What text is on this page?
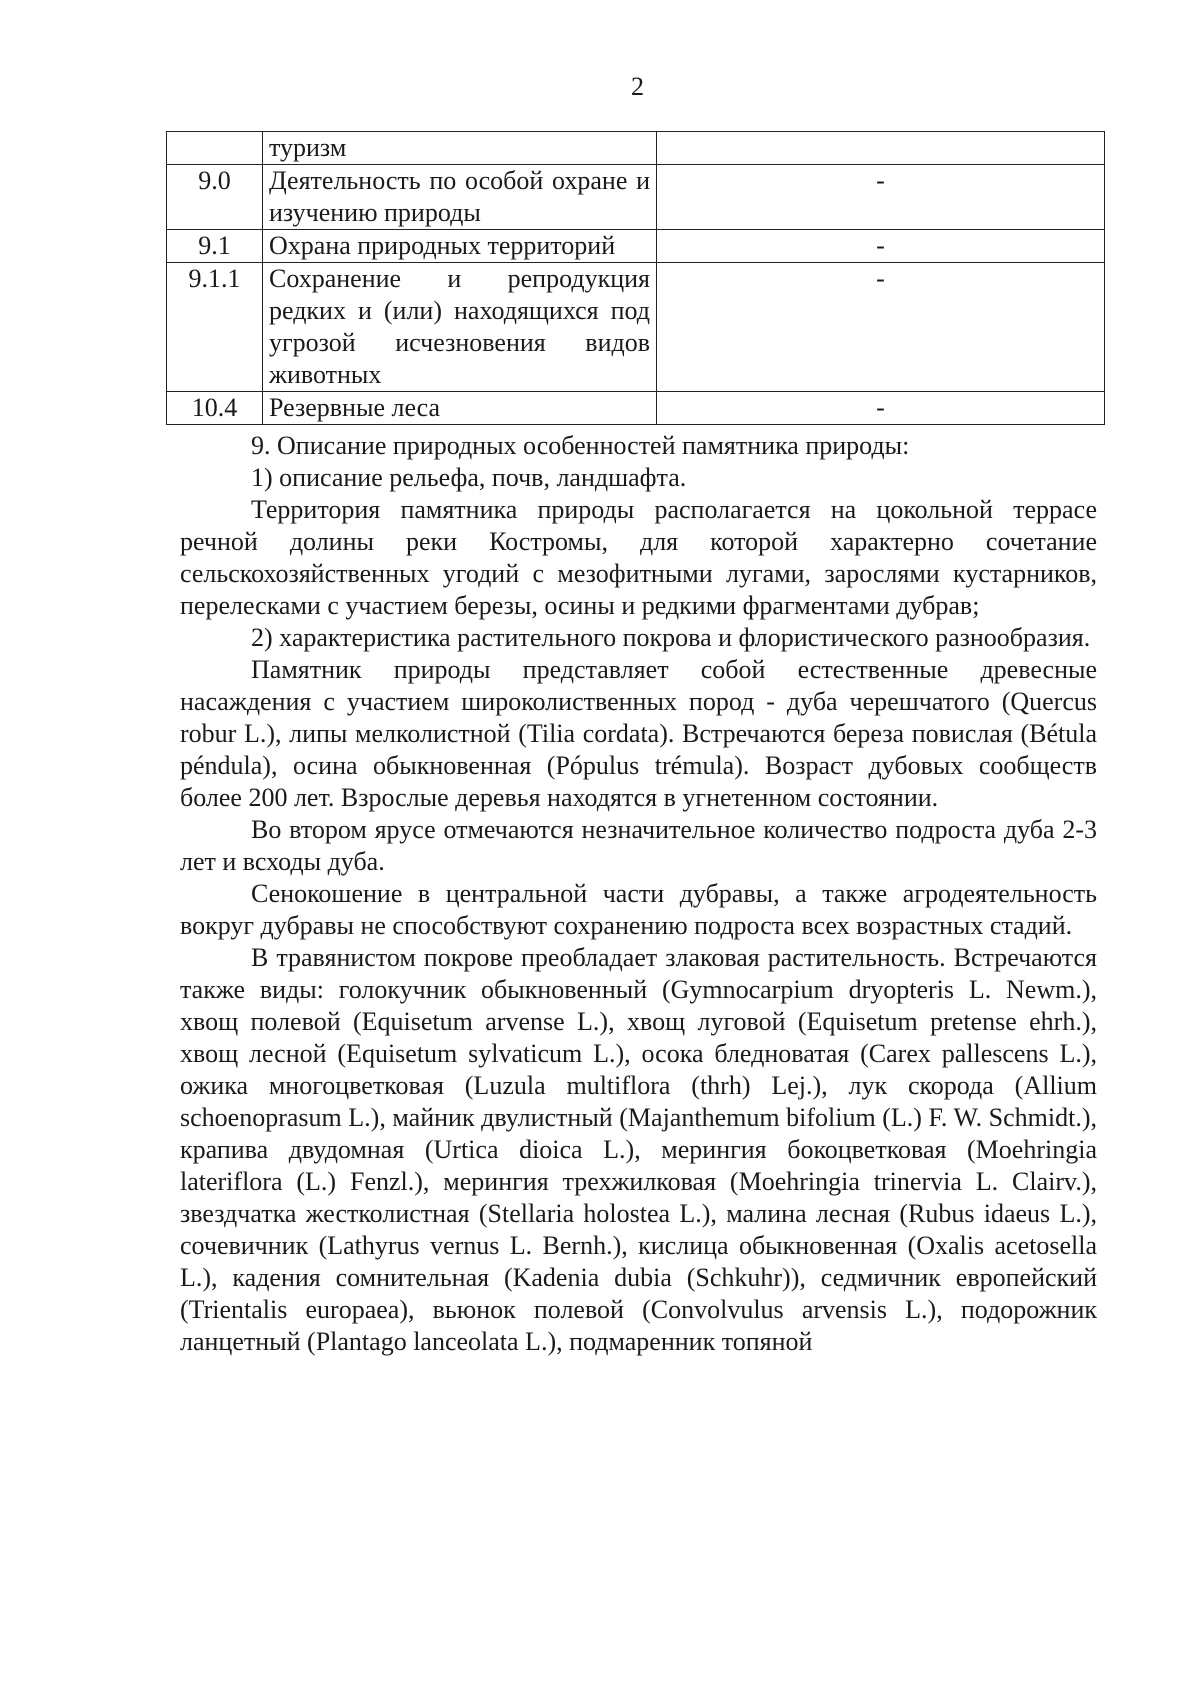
2
	туризм	
9.0	Деятельность по особой охране и изучению природы	-
9.1	Охрана природных территорий	-
9.1.1	Сохранение и репродукция редких и (или) находящихся под угрозой исчезновения видов животных	-
10.4	Резервные леса	-

9. Описание природных особенностей памятника природы:

1) описание рельефа, почв, ландшафта.

Территория памятника природы располагается на цокольной террасе речной долины реки Костромы, для которой характерно сочетание сельскохозяйственных угодий с мезофитными лугами, зарослями кустарников, перелесками с участием березы, осины и редкими фрагментами дубрав;

2) характеристика растительного покрова и флористического разнообразия.

Памятник природы представляет собой естественные древесные насаждения с участием широколиственных пород - дуба черешчатого (Quercus robur L.), липы мелколистной (Tilia cordata). Встречаются береза повислая (Bétula péndula), осина обыкновенная (Pópulus trémula). Возраст дубовых сообществ более 200 лет. Взрослые деревья находятся в угнетенном состоянии.

Во втором ярусе отмечаются незначительное количество подроста дуба 2-3 лет и всходы дуба.

Сенокошение в центральной части дубравы, а также агродеятельность вокруг дубравы не способствуют сохранению подроста всех возрастных стадий.

В травянистом покрове преобладает злаковая растительность. Встречаются также виды: голокучник обыкновенный (Gymnocarpium dryopteris L. Newm.), хвощ полевой (Equisetum arvense L.), хвощ луговой (Equisetum pretense ehrh.), хвощ лесной (Equisetum sylvaticum L.), осока бледноватая (Carex pallescens L.), ожика многоцветковая (Luzula multiflora (thrh) Lej.), лук скорода (Allium schoenoprasum L.), майник двулистный (Majanthemum bifolium (L.) F. W. Schmidt.), крапива двудомная (Urtica dioica L.), мерингия бокоцветковая (Moehringia lateriflora (L.) Fenzl.), мерингия трехжилковая (Moehringia trinervia L. Clairv.), звездчатка жестколистная (Stellaria holostea L.), малина лесная (Rubus idaeus L.), сочевичник (Lathyrus vernus L. Bernh.), кислица обыкновенная (Oxalis acetosella L.), кадения сомнительная (Kadenia dubia (Schkuhr)), седмичник европейский (Trientalis europaea), вьюнок полевой (Convolvulus arvensis L.), подорожник ланцетный (Plantago lanceolata L.), подмаренник топяной
